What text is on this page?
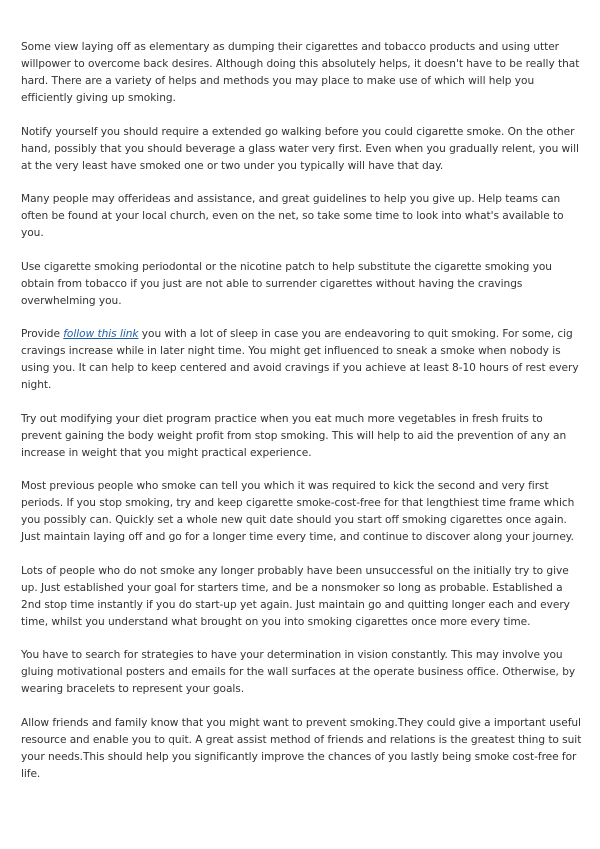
Some view laying off as elementary as dumping their cigarettes and tobacco products and using utter willpower to overcome back desires. Although doing this absolutely helps, it doesn't have to be really that hard. There are a variety of helps and methods you may place to make use of which will help you efficiently giving up smoking.

Notify yourself you should require a extended go walking before you could cigarette smoke. On the other hand, possibly that you should beverage a glass water very first. Even when you gradually relent, you will at the very least have smoked one or two under you typically will have that day.

Many people may offerideas and assistance, and great guidelines to help you give up. Help teams can often be found at your local church, even on the net, so take some time to look into what's available to you.

Use cigarette smoking periodontal or the nicotine patch to help substitute the cigarette smoking you obtain from tobacco if you just are not able to surrender cigarettes without having the cravings overwhelming you.

Provide follow this link you with a lot of sleep in case you are endeavoring to quit smoking. For some, cig cravings increase while in later night time. You might get influenced to sneak a smoke when nobody is using you. It can help to keep centered and avoid cravings if you achieve at least 8-10 hours of rest every night.

Try out modifying your diet program practice when you eat much more vegetables in fresh fruits to prevent gaining the body weight profit from stop smoking. This will help to aid the prevention of any an increase in weight that you might practical experience.

Most previous people who smoke can tell you which it was required to kick the second and very first periods. If you stop smoking, try and keep cigarette smoke-cost-free for that lengthiest time frame which you possibly can. Quickly set a whole new quit date should you start off smoking cigarettes once again. Just maintain laying off and go for a longer time every time, and continue to discover along your journey.

Lots of people who do not smoke any longer probably have been unsuccessful on the initially try to give up. Just established your goal for starters time, and be a nonsmoker so long as probable. Established a 2nd stop time instantly if you do start-up yet again. Just maintain go and quitting longer each and every time, whilst you understand what brought on you into smoking cigarettes once more every time.

You have to search for strategies to have your determination in vision constantly. This may involve you gluing motivational posters and emails for the wall surfaces at the operate business office. Otherwise, by wearing bracelets to represent your goals.

Allow friends and family know that you might want to prevent smoking.They could give a important useful resource and enable you to quit. A great assist method of friends and relations is the greatest thing to suit your needs.This should help you significantly improve the chances of you lastly being smoke cost-free for life.
